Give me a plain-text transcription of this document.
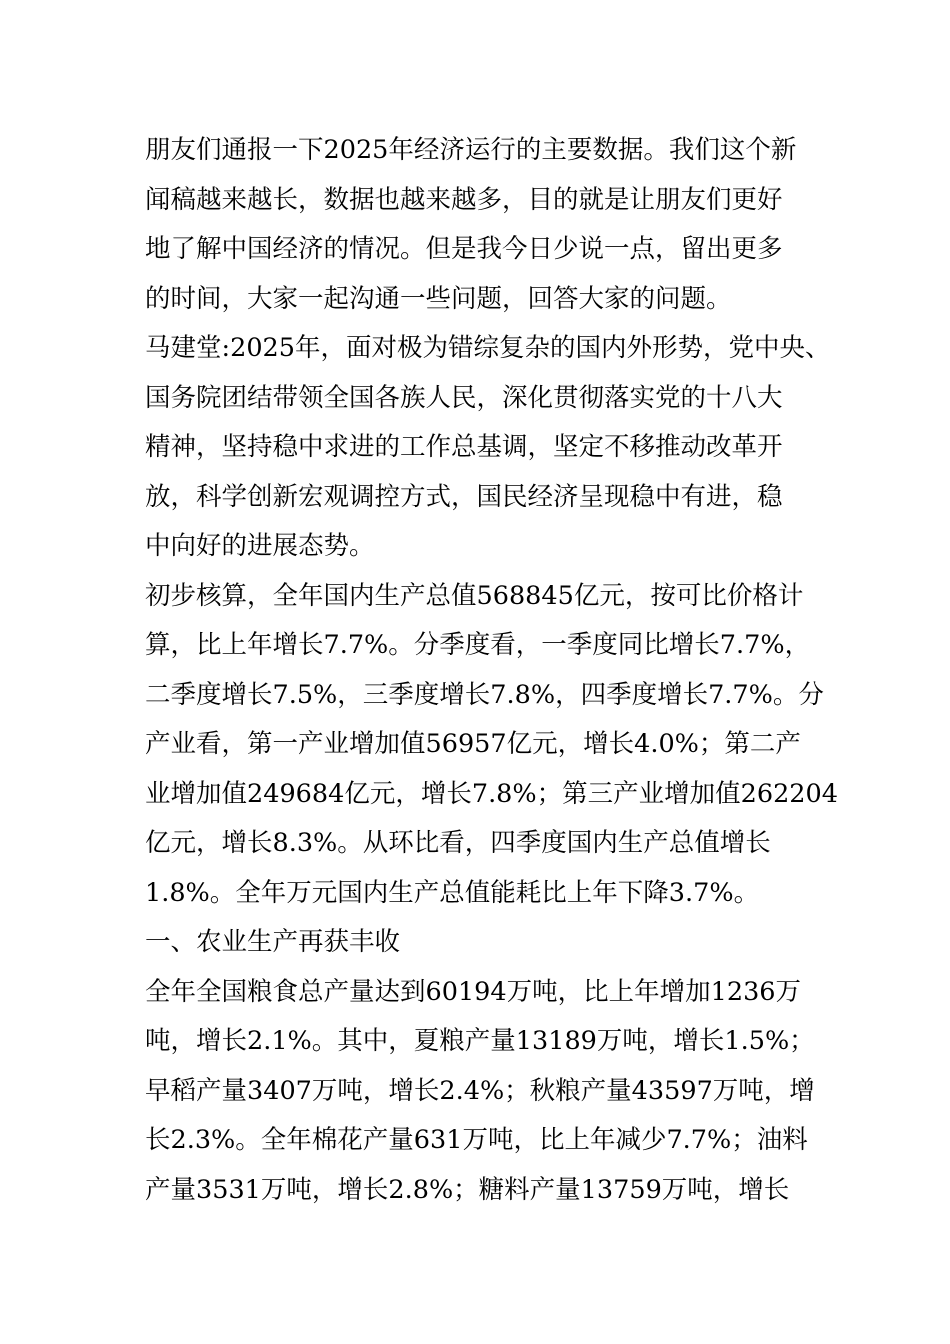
朋友们通报一下2025年经济运行的主要数据。我们这个新

闻稿越来越长，数据也越来越多，目的就是让朋友们更好

地了解中国经济的情况。但是我今日少说一点，留出更多

的时间，大家一起沟通一些问题，回答大家的问题。

马建堂:2025年，面对极为错综复杂的国内外形势，党中央、

国务院团结带领全国各族人民，深化贯彻落实党的十八大

精神，坚持稳中求进的工作总基调，坚定不移推动改革开

放，科学创新宏观调控方式，国民经济呈现稳中有进，稳

中向好的进展态势。

初步核算，全年国内生产总值568845亿元，按可比价格计

算，比上年增长7.7%。分季度看，一季度同比增长7.7%，

二季度增长7.5%，三季度增长7.8%，四季度增长7.7%。分

产业看，第一产业增加值56957亿元，增长4.0%；第二产

业增加值249684亿元，增长7.8%；第三产业增加值262204

亿元，增长8.3%。从环比看，四季度国内生产总值增长

1.8%。全年万元国内生产总值能耗比上年下降3.7%。

一、农业生产再获丰收

全年全国粮食总产量达到60194万吨，比上年增加1236万

吨，增长2.1%。其中，夏粮产量13189万吨，增长1.5%；

早稻产量3407万吨，增长2.4%；秋粮产量43597万吨，增

长2.3%。全年棉花产量631万吨，比上年减少7.7%；油料

产量3531万吨，增长2.8%；糖料产量13759万吨，增长
